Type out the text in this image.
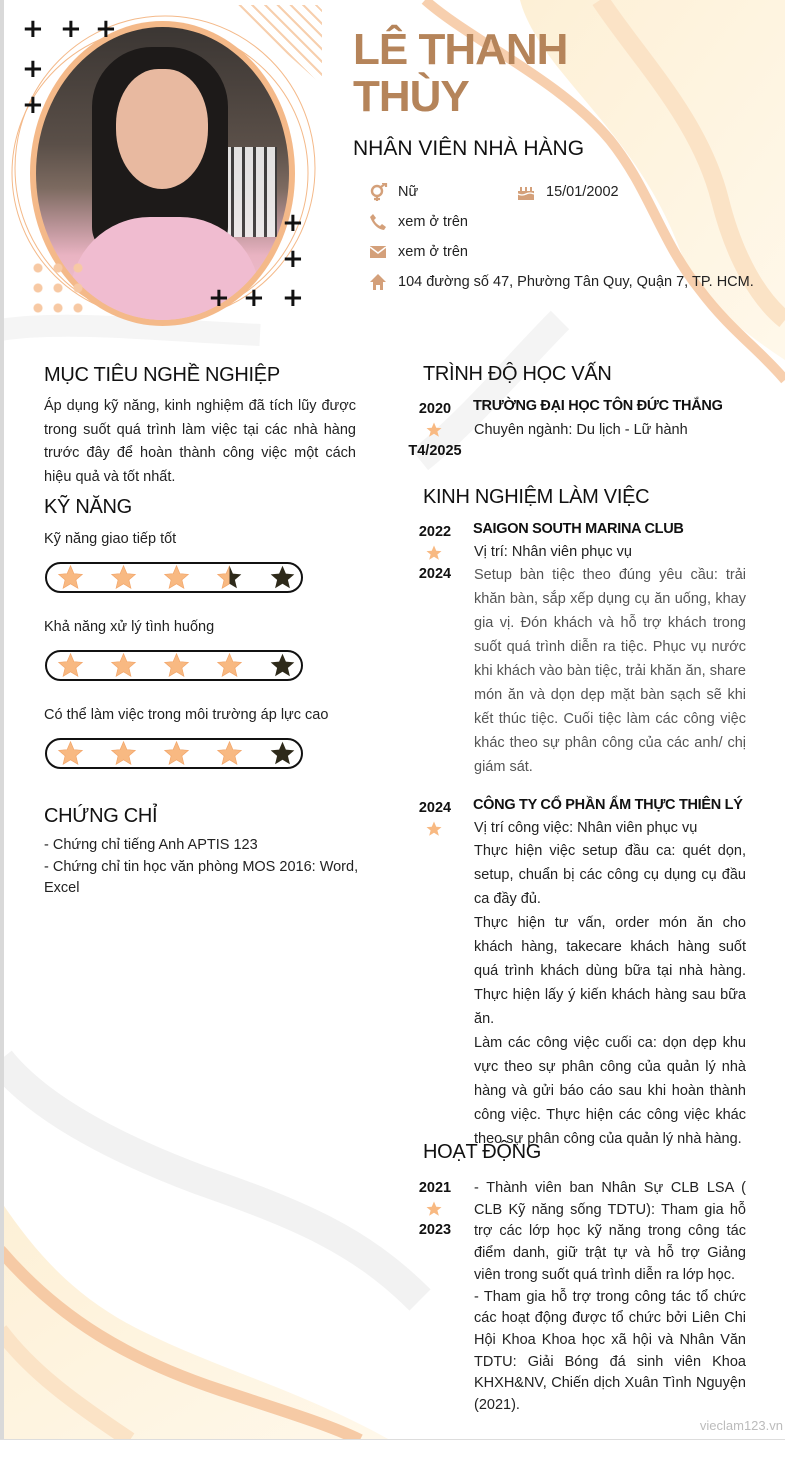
+ + +
+
+
+
+
+ + +
LÊ THANH
THÙY
NHÂN VIÊN NHÀ HÀNG
Nữ	15/01/2002
xem ở trên
xem ở trên
104 đường số 47, Phường Tân Quy, Quận 7, TP. HCM.
MỤC TIÊU NGHỀ NGHIỆP
Áp dụng kỹ năng, kinh nghiệm đã tích lũy được trong suốt quá trình làm việc tại các nhà hàng trước đây để hoàn thành công việc một cách hiệu quả và tốt nhất.
KỸ NĂNG
Kỹ năng giao tiếp tốt
Khả năng xử lý tình huống
Có thể làm việc trong môi trường áp lực cao
CHỨNG CHỈ
- Chứng chỉ tiếng Anh APTIS 123
- Chứng chỉ tin học văn phòng MOS 2016: Word, Excel
TRÌNH ĐỘ HỌC VẤN
2020
T4/2025
TRƯỜNG ĐẠI HỌC TÔN ĐỨC THẮNG
Chuyên ngành: Du lịch - Lữ hành
KINH NGHIỆM LÀM VIỆC
2022
2024
SAIGON SOUTH MARINA CLUB
Vị trí: Nhân viên phục vụ
Setup bàn tiệc theo đúng yêu cầu: trải khăn bàn, sắp xếp dụng cụ ăn uống, khay gia vị. Đón khách và hỗ trợ khách trong suốt quá trình diễn ra tiệc. Phục vụ nước khi khách vào bàn tiệc, trải khăn ăn, share món ăn và dọn dẹp mặt bàn sạch sẽ khi kết thúc tiệc. Cuối tiệc làm các công việc khác theo sự phân công của các anh/ chị giám sát.
2024	CÔNG TY CỔ PHẦN ẨM THỰC THIÊN LÝ
Vị trí công việc: Nhân viên phục vụ
Thực hiện việc setup đầu ca: quét dọn, setup, chuẩn bị các công cụ dụng cụ đầu ca đầy đủ.
Thực hiện tư vấn, order món ăn cho khách hàng, takecare khách hàng suốt quá trình khách dùng bữa tại nhà hàng. Thực hiện lấy ý kiến khách hàng sau bữa ăn.
Làm các công việc cuối ca: dọn dẹp khu vực theo sự phân công của quản lý nhà hàng và gửi báo cáo sau khi hoàn thành công việc. Thực hiện các công việc khác theo sự phân công của quản lý nhà hàng.
HOẠT ĐỘNG
2021
2023
- Thành viên ban Nhân Sự CLB LSA ( CLB Kỹ năng sống TDTU): Tham gia hỗ trợ các lớp học kỹ năng trong công tác điểm danh, giữ trật tự và hỗ trợ Giảng viên trong suốt quá trình diễn ra lớp học.
- Tham gia hỗ trợ trong công tác tổ chức các hoạt động được tổ chức bởi Liên Chi Hội Khoa Khoa học xã hội và Nhân Văn TDTU: Giải Bóng đá sinh viên Khoa KHXH&NV, Chiến dịch Xuân Tình Nguyện (2021).
vieclam123.vn
